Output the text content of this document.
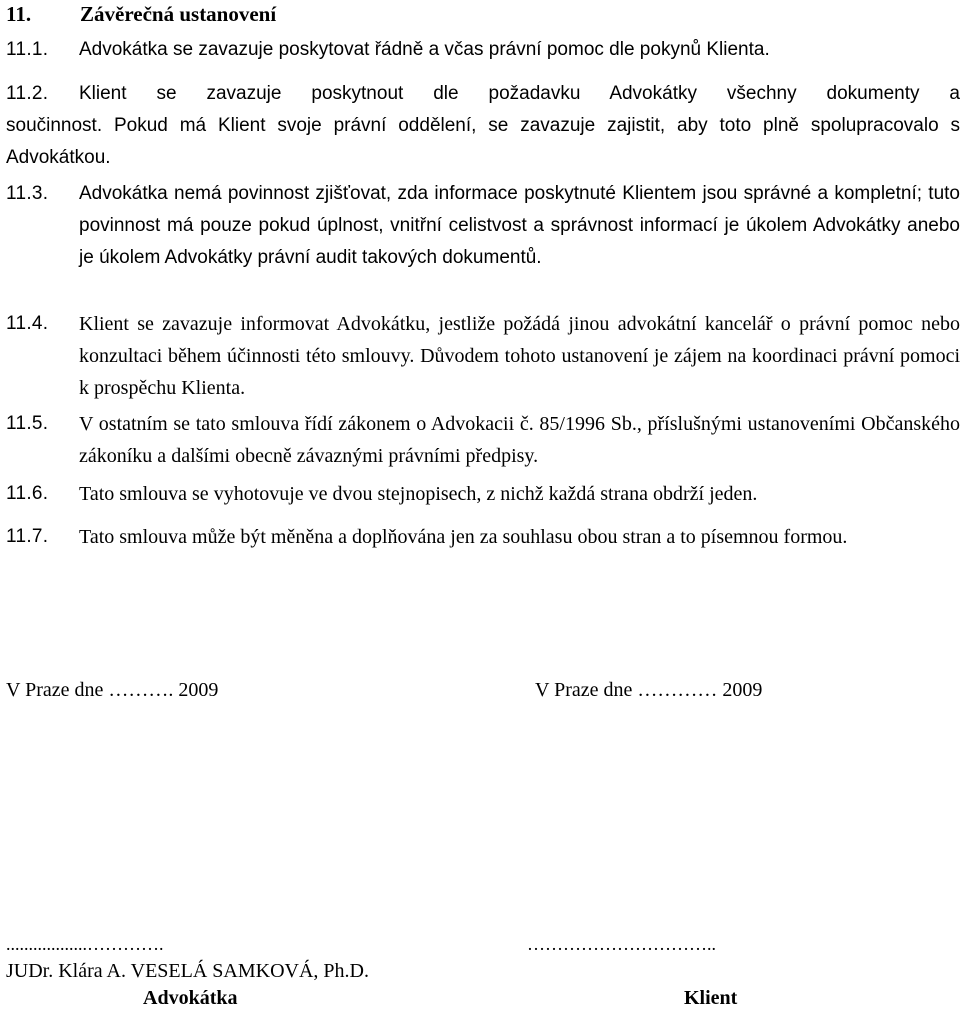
11. Závěrečná ustanovení
11.1. Advokátka se zavazuje poskytovat řádně a včas právní pomoc dle pokynů Klienta.
11.2.	Klient se zavazuje poskytnout dle požadavku Advokátky všechny dokumenty a
součinnost. Pokud má Klient svoje právní oddělení, se zavazuje zajistit, aby toto plně spolupracovalo s Advokátkou.
11.3. Advokátka nemá povinnost zjišťovat, zda informace poskytnuté Klientem jsou správné a kompletní; tuto povinnost má pouze pokud úplnost, vnitřní celistvost a správnost informací je úkolem Advokátky anebo je úkolem Advokátky právní audit takových dokumentů.
11.4. Klient se zavazuje informovat Advokátku, jestliže požádá jinou advokátní kancelář o právní pomoc nebo konzultaci během účinnosti této smlouvy. Důvodem tohoto ustanovení je zájem na koordinaci právní pomoci k prospěchu Klienta.
11.5. V ostatním se tato smlouva řídí zákonem o Advokacii č. 85/1996 Sb., příslušnými ustanoveními Občanského zákoníku a dalšími obecně závaznými právními předpisy.
11.6. Tato smlouva se vyhotovuje ve dvou stejnopisech, z nichž každá strana obdrží jeden.
11.7. Tato smlouva může být měněna a doplňována jen za souhlasu obou stran a to písemnou formou.
V Praze dne ………. 2009	V Praze dne ………… 2009
..................………….	…………………………..
JUDr. Klára A. VESELÁ SAMKOVÁ, Ph.D.
Advokátka	Klient
